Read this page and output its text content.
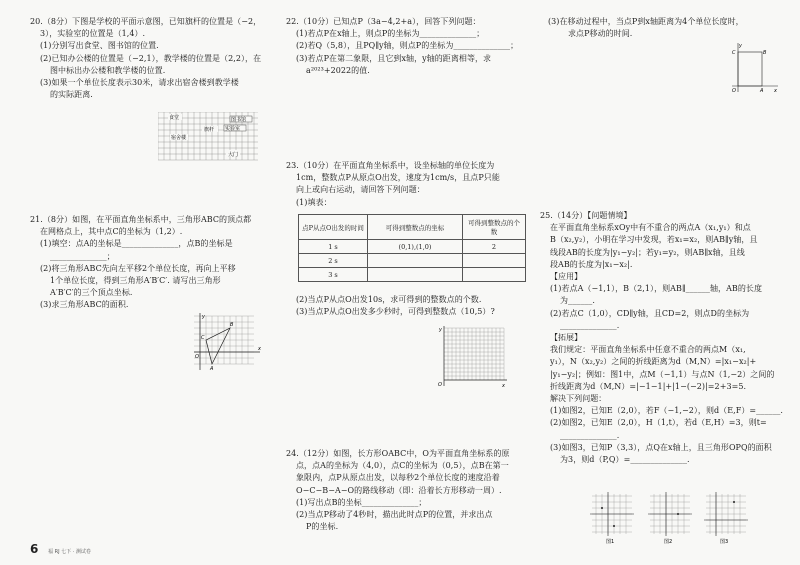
20.（8分）下图是学校的平面示意图，已知旗杆的位置是（−2，

3），实验室的位置是（1,4）.

(1)分别写出食堂、图书馆的位置.

(2)已知办公楼的位置是（−2,1），教学楼的位置是（2,2），在

图中标出办公楼和教学楼的位置.

(3)如果一个单位长度表示30米，请求出宿舍楼到教学楼

的实际距离.

食堂	图书馆
旗杆 实验室
宿舍楼
大门

21.（8分）如图，在平面直角坐标系中，三角形ABC的顶点都

在网格点上，其中点C的坐标为（1,2）.

(1)填空：点A的坐标是______________，点B的坐标是

______________；

(2)将三角形ABC先向左平移2个单位长度，再向上平移

1个单位长度，得到三角形A′B′C′. 请写出三角形

A′B′C′的三个顶点坐标.

(3)求三角形ABC的面积.

x
y
O
A
B
C

22.（10分）已知点P（3a−4,2+a），回答下列问题：

(1)若点P在x轴上，则点P的坐标为______________；

(2)若Q（5,8），且PQ∥y轴，则点P的坐标为______________；

(3)若点P在第二象限，且它到x轴，y轴的距离相等，求

a²⁰²³+2022的值.

23.（10分）在平面直角坐标系中，设坐标轴的单位长度为

1cm，整数点P从原点O出发，速度为1cm/s，且点P只能

向上或向右运动，请回答下列问题：

(1)填表：

点P从点O出发的时间	可得到整数点的坐标	可得到整数点的个数
1 s	(0,1),(1,0)	2
2 s		
3 s		

(2)当点P从点O出发10s，求可得到的整数点的个数.

(3)当点P从点O出发多少秒时，可得到整数点（10,5）?

y
O	x

24.（12分）如图，长方形OABC中，O为平面直角坐标系的原

点，点A的坐标为（4,0），点C的坐标为（0,5），点B在第一

象限内，点P从原点出发，以每秒2个单位长度的速度沿着

O−C−B−A−O的路线移动（即：沿着长方形移动一周）.

(1)写出点B的坐标______________；

(2)当点P移动了4秒时，描出此时点P的位置，并求出点

P的坐标.

(3)在移动过程中，当点P到x轴距离为4个单位长度时，

求点P移动的时间.

y
C	B
O	A x

25.（14分）【问题情境】

在平面直角坐标系xOy中有不重合的两点A（x₁,y₁）和点

B（x₂,y₂），小明在学习中发现，若x₁=x₂，则AB∥y轴，且

线段AB的长度为|y₁−y₂|；若y₁=y₂，则AB∥x轴，且线

段AB的长度为|x₁−x₂|.

【应用】

(1)若点A（−1,1），B（2,1），则AB∥______轴，AB的长度

为______.

(2)若点C（1,0），CD∥y轴，且CD=2，则点D的坐标为

______________.

【拓展】

我们规定：平面直角坐标系中任意不重合的两点M（x₁,

y₁），N（x₂,y₂）之间的折线距离为d（M,N）=|x₁−x₂|+

|y₁−y₂|；例如：图1中，点M（−1,1）与点N（1,−2）之间的

折线距离为d（M,N）=|−1−1|+|1−(−2)|=2+3=5.

解决下列问题：

(1)如图2，已知E（2,0），若F（−1,−2），则d（E,F）=______.

(2)如图2，已知E（2,0），H（1,t），若d（E,H）=3，则t=

______________.

(3)如图3，已知P（3,3），点Q在x轴上，且三角形OPQ的面积

为3，则d（P,Q）=______________.

图1	图2	图3
6 福 RJ 七下 · 测试卷
